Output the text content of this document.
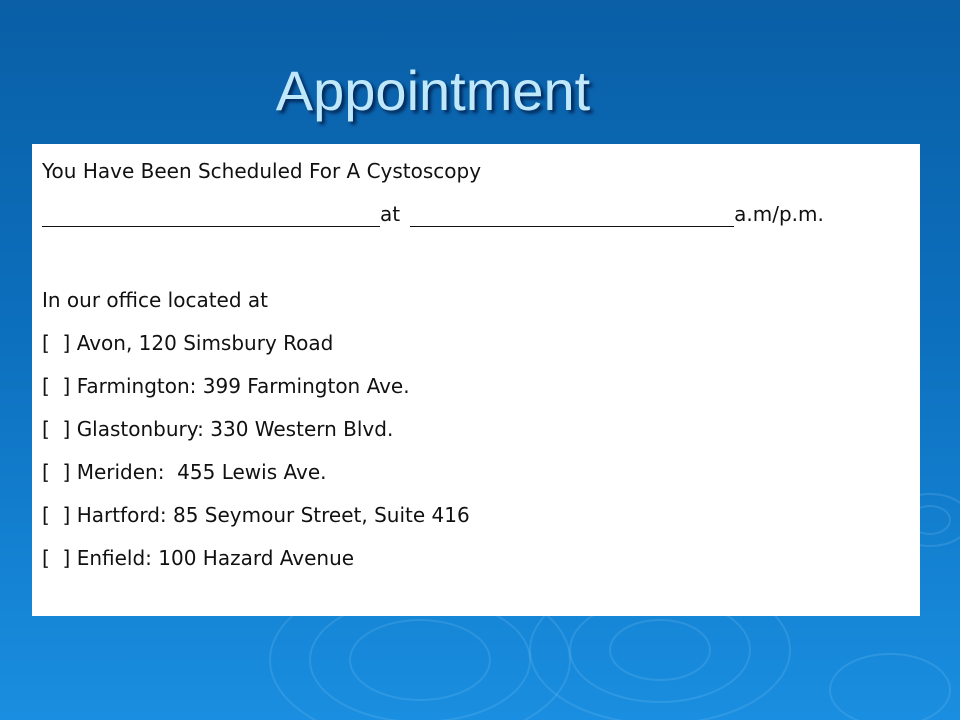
Appointment
You Have Been Scheduled For A Cystoscopy
at	a.m/p.m.
In our office located at
[  ] Avon, 120 Simsbury Road
[  ] Farmington: 399 Farmington Ave.
[  ] Glastonbury: 330 Western Blvd.
[  ] Meriden:  455 Lewis Ave.
[  ] Hartford: 85 Seymour Street, Suite 416
[  ] Enfield: 100 Hazard Avenue
